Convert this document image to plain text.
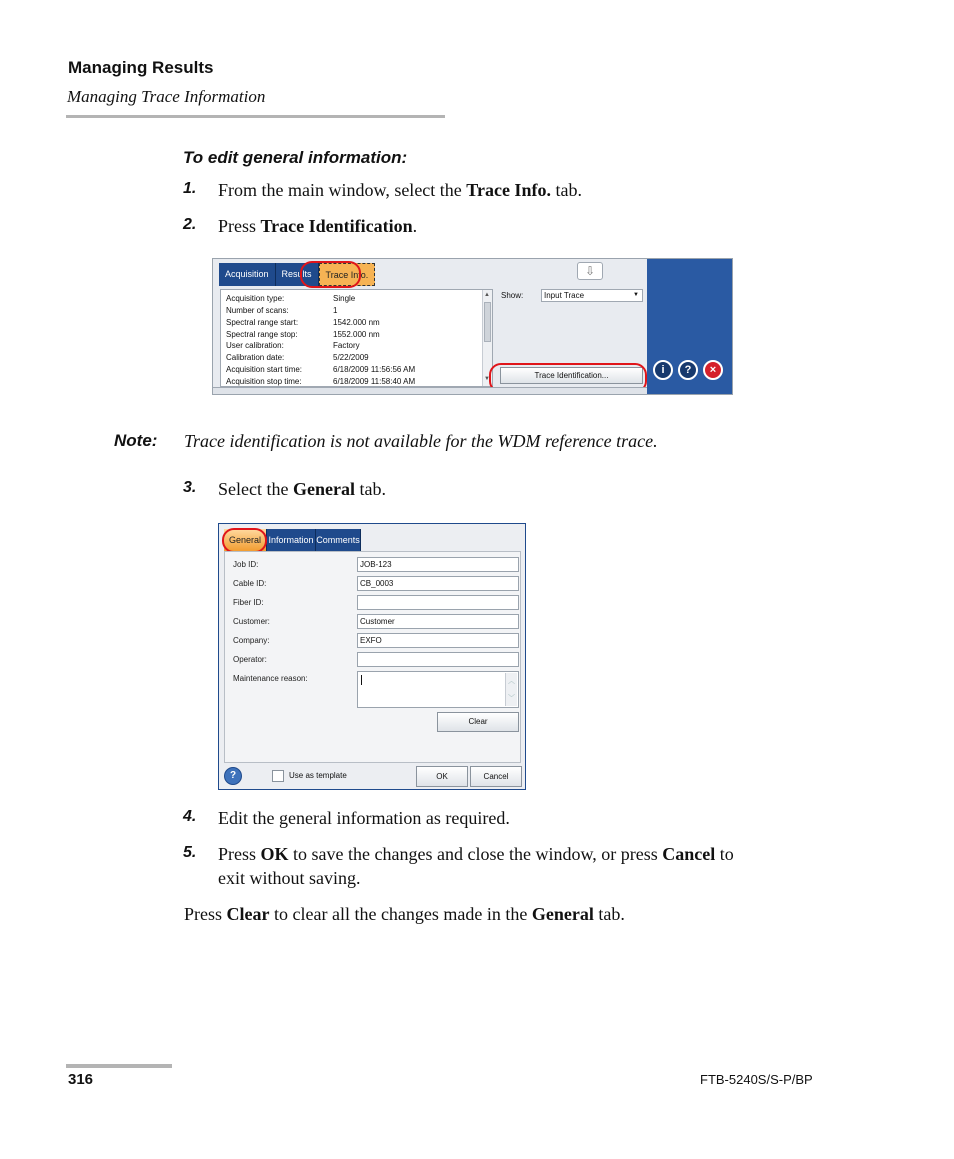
Managing Results
Managing Trace Information
To edit general information:
1. From the main window, select the Trace Info. tab.
2. Press Trace Identification.
Acquisition	Results	Trace Info.	⇩
Acquisition type:	Single
Number of scans:	1
Spectral range start:	1542.000 nm
Spectral range stop:	1552.000 nm
User calibration:	Factory
Calibration date:	5/22/2009
Acquisition start time:	6/18/2009 11:56:56 AM
Acquisition stop time:	6/18/2009 11:58:40 AM
▲
▼
Show:	Input Trace	▼
Trace Identification...	i	?	×
Note: Trace identification is not available for the WDM reference trace.
3. Select the General tab.
General Information Comments
Job ID:	JOB-123
Cable ID:	CB_0003
Fiber ID:
Customer:	Customer
Company:	EXFO
Operator:
Maintenance reason:	︿
﹀
Clear
?	Use as template	OK	Cancel
4. Edit the general information as required.
5. Press OK to save the changes and close the window, or press Cancel to
exit without saving.
Press Clear to clear all the changes made in the General tab.
316	FTB-5240S/S-P/BP
